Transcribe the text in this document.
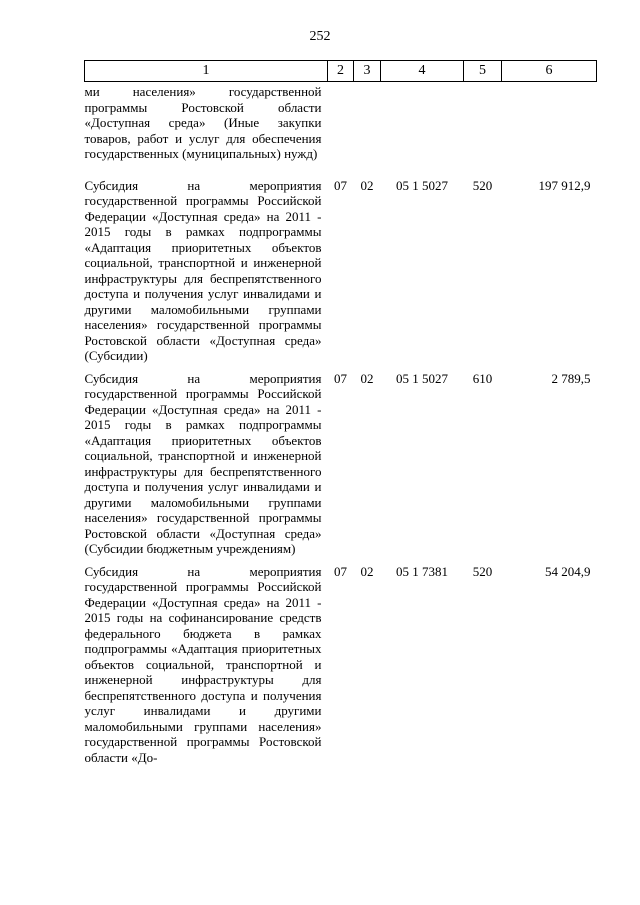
252
1	2	3	4	5	6
ми населения» государственной программы Ростовской области «Доступная среда» (Иные закупки товаров, работ и услуг для обеспечения государственных (муниципальных) нужд)					
Субсидия на мероприятия государственной программы Российской Федерации «Доступная среда» на 2011 - 2015 годы в рамках подпрограммы «Адаптация приоритетных объектов социальной, транспортной и инженерной инфраструктуры для беспрепятственного доступа и получения услуг инвалидами и другими маломобильными группами населения» государственной программы Ростовской области «Доступная среда» (Субсидии)	07	02	05 1 5027	520	197 912,9
Субсидия на мероприятия государственной программы Российской Федерации «Доступная среда» на 2011 - 2015 годы в рамках подпрограммы «Адаптация приоритетных объектов социальной, транспортной и инженерной инфраструктуры для беспрепятственного доступа и получения услуг инвалидами и другими маломобильными группами населения» государственной программы Ростовской области «Доступная среда» (Субсидии бюджетным учреждениям)	07	02	05 1 5027	610	2 789,5
Субсидия на мероприятия государственной программы Российской Федерации «Доступная среда» на 2011 - 2015 годы на софинансирование средств федерального бюджета в рамках подпрограммы «Адаптация приоритетных объектов социальной, транспортной и инженерной инфраструктуры для беспрепятственного доступа и получения услуг инвалидами и другими маломобильными группами населения» государственной программы Ростовской области «До-	07	02	05 1 7381	520	54 204,9
